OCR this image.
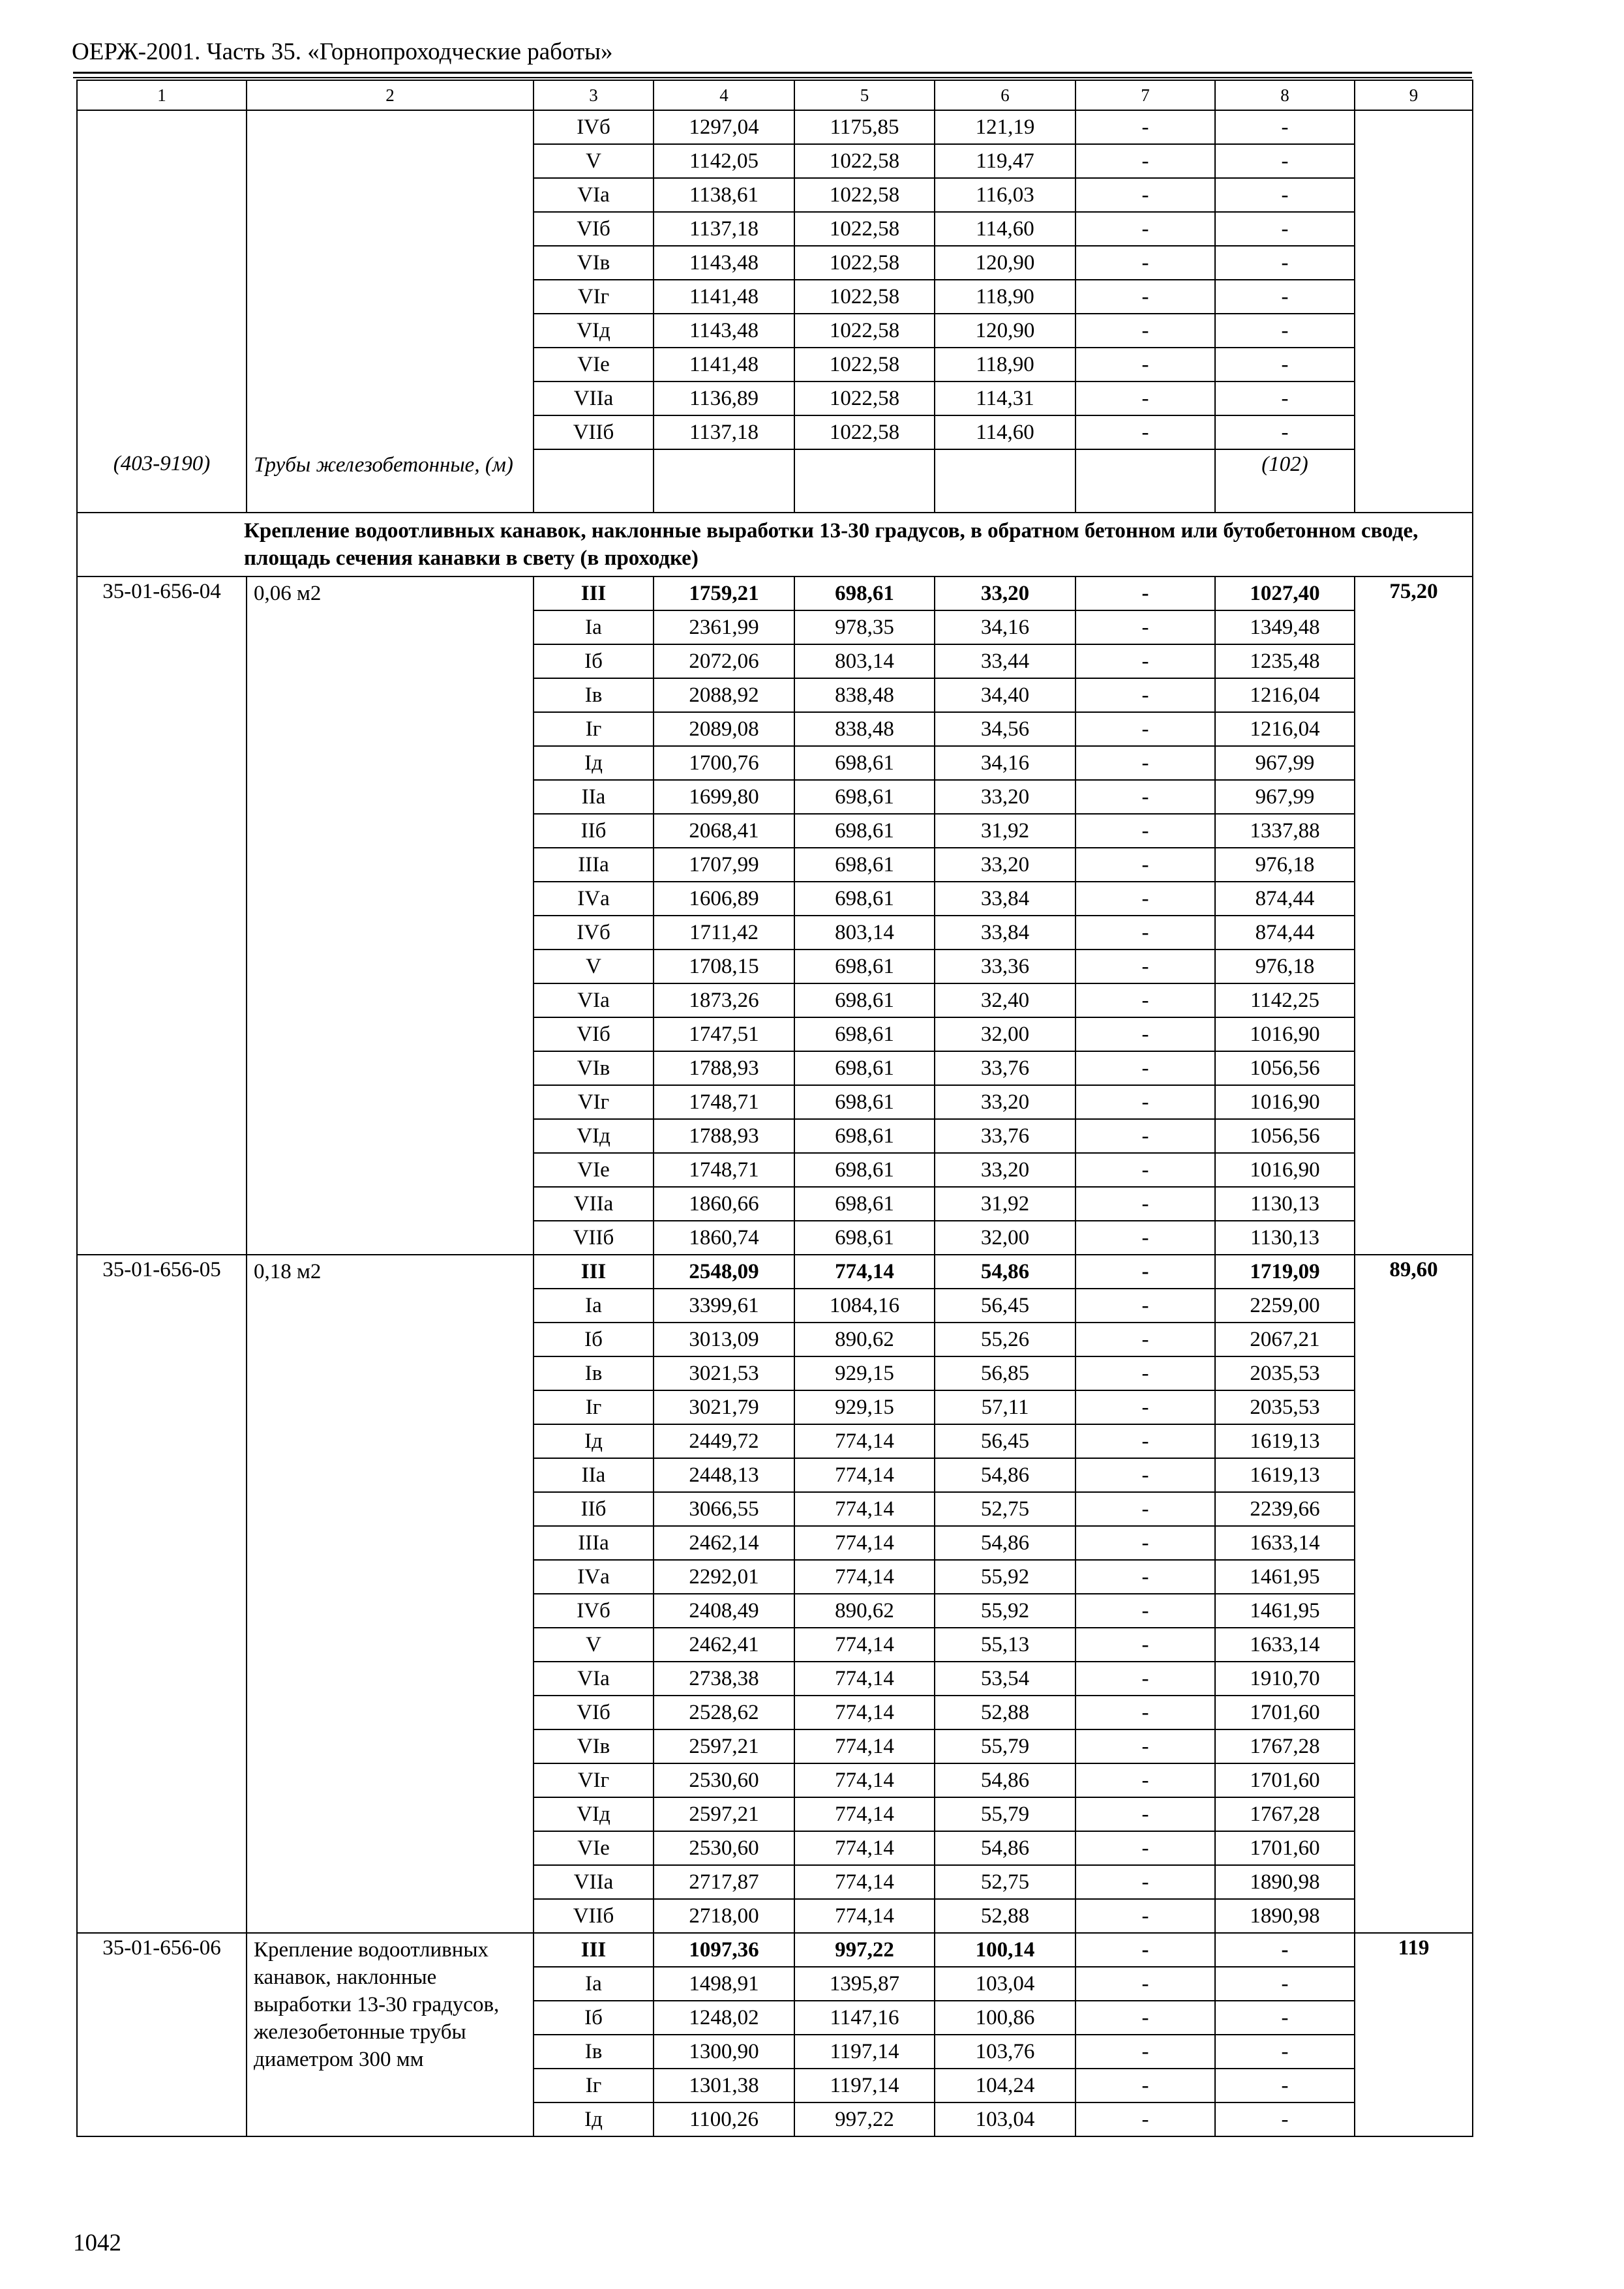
ОЕРЖ-2001. Часть 35. «Горнопроходческие работы»
1	2	3	4	5	6	7	8	9
		IVб	1297,04	1175,85	121,19	-	-	
		V	1142,05	1022,58	119,47	-	-	
		VIа	1138,61	1022,58	116,03	-	-	
		VIб	1137,18	1022,58	114,60	-	-	
		VIв	1143,48	1022,58	120,90	-	-	
		VIг	1141,48	1022,58	118,90	-	-	
		VIд	1143,48	1022,58	120,90	-	-	
		VIе	1141,48	1022,58	118,90	-	-	
		VIIа	1136,89	1022,58	114,31	-	-	
		VIIб	1137,18	1022,58	114,60	-	-	
(403-9190)	Трубы железобетонные, (м)						(102)	
Крепление водоотливных канавок, наклонные выработки 13-30 градусов, в обратном бетонном или бутобетонном своде, площадь сечения канавки в свету (в проходке)								
35-01-656-04	0,06 м2	III	1759,21	698,61	33,20	-	1027,40	75,20
		Iа	2361,99	978,35	34,16	-	1349,48	
		Iб	2072,06	803,14	33,44	-	1235,48	
		Iв	2088,92	838,48	34,40	-	1216,04	
		Iг	2089,08	838,48	34,56	-	1216,04	
		Iд	1700,76	698,61	34,16	-	967,99	
		IIа	1699,80	698,61	33,20	-	967,99	
		IIб	2068,41	698,61	31,92	-	1337,88	
		IIIа	1707,99	698,61	33,20	-	976,18	
		IVа	1606,89	698,61	33,84	-	874,44	
		IVб	1711,42	803,14	33,84	-	874,44	
		V	1708,15	698,61	33,36	-	976,18	
		VIа	1873,26	698,61	32,40	-	1142,25	
		VIб	1747,51	698,61	32,00	-	1016,90	
		VIв	1788,93	698,61	33,76	-	1056,56	
		VIг	1748,71	698,61	33,20	-	1016,90	
		VIд	1788,93	698,61	33,76	-	1056,56	
		VIе	1748,71	698,61	33,20	-	1016,90	
		VIIа	1860,66	698,61	31,92	-	1130,13	
		VIIб	1860,74	698,61	32,00	-	1130,13	
35-01-656-05	0,18 м2	III	2548,09	774,14	54,86	-	1719,09	89,60
		Iа	3399,61	1084,16	56,45	-	2259,00	
		Iб	3013,09	890,62	55,26	-	2067,21	
		Iв	3021,53	929,15	56,85	-	2035,53	
		Iг	3021,79	929,15	57,11	-	2035,53	
		Iд	2449,72	774,14	56,45	-	1619,13	
		IIа	2448,13	774,14	54,86	-	1619,13	
		IIб	3066,55	774,14	52,75	-	2239,66	
		IIIа	2462,14	774,14	54,86	-	1633,14	
		IVа	2292,01	774,14	55,92	-	1461,95	
		IVб	2408,49	890,62	55,92	-	1461,95	
		V	2462,41	774,14	55,13	-	1633,14	
		VIа	2738,38	774,14	53,54	-	1910,70	
		VIб	2528,62	774,14	52,88	-	1701,60	
		VIв	2597,21	774,14	55,79	-	1767,28	
		VIг	2530,60	774,14	54,86	-	1701,60	
		VIд	2597,21	774,14	55,79	-	1767,28	
		VIе	2530,60	774,14	54,86	-	1701,60	
		VIIа	2717,87	774,14	52,75	-	1890,98	
		VIIб	2718,00	774,14	52,88	-	1890,98	
35-01-656-06	Крепление водоотливных канавок, наклонные выработки 13-30 градусов, железобетонные трубы диаметром 300 мм	III	1097,36	997,22	100,14	-	-	119
		Iа	1498,91	1395,87	103,04	-	-	
		Iб	1248,02	1147,16	100,86	-	-	
		Iв	1300,90	1197,14	103,76	-	-	
		Iг	1301,38	1197,14	104,24	-	-	
		Iд	1100,26	997,22	103,04	-	-	
1042
